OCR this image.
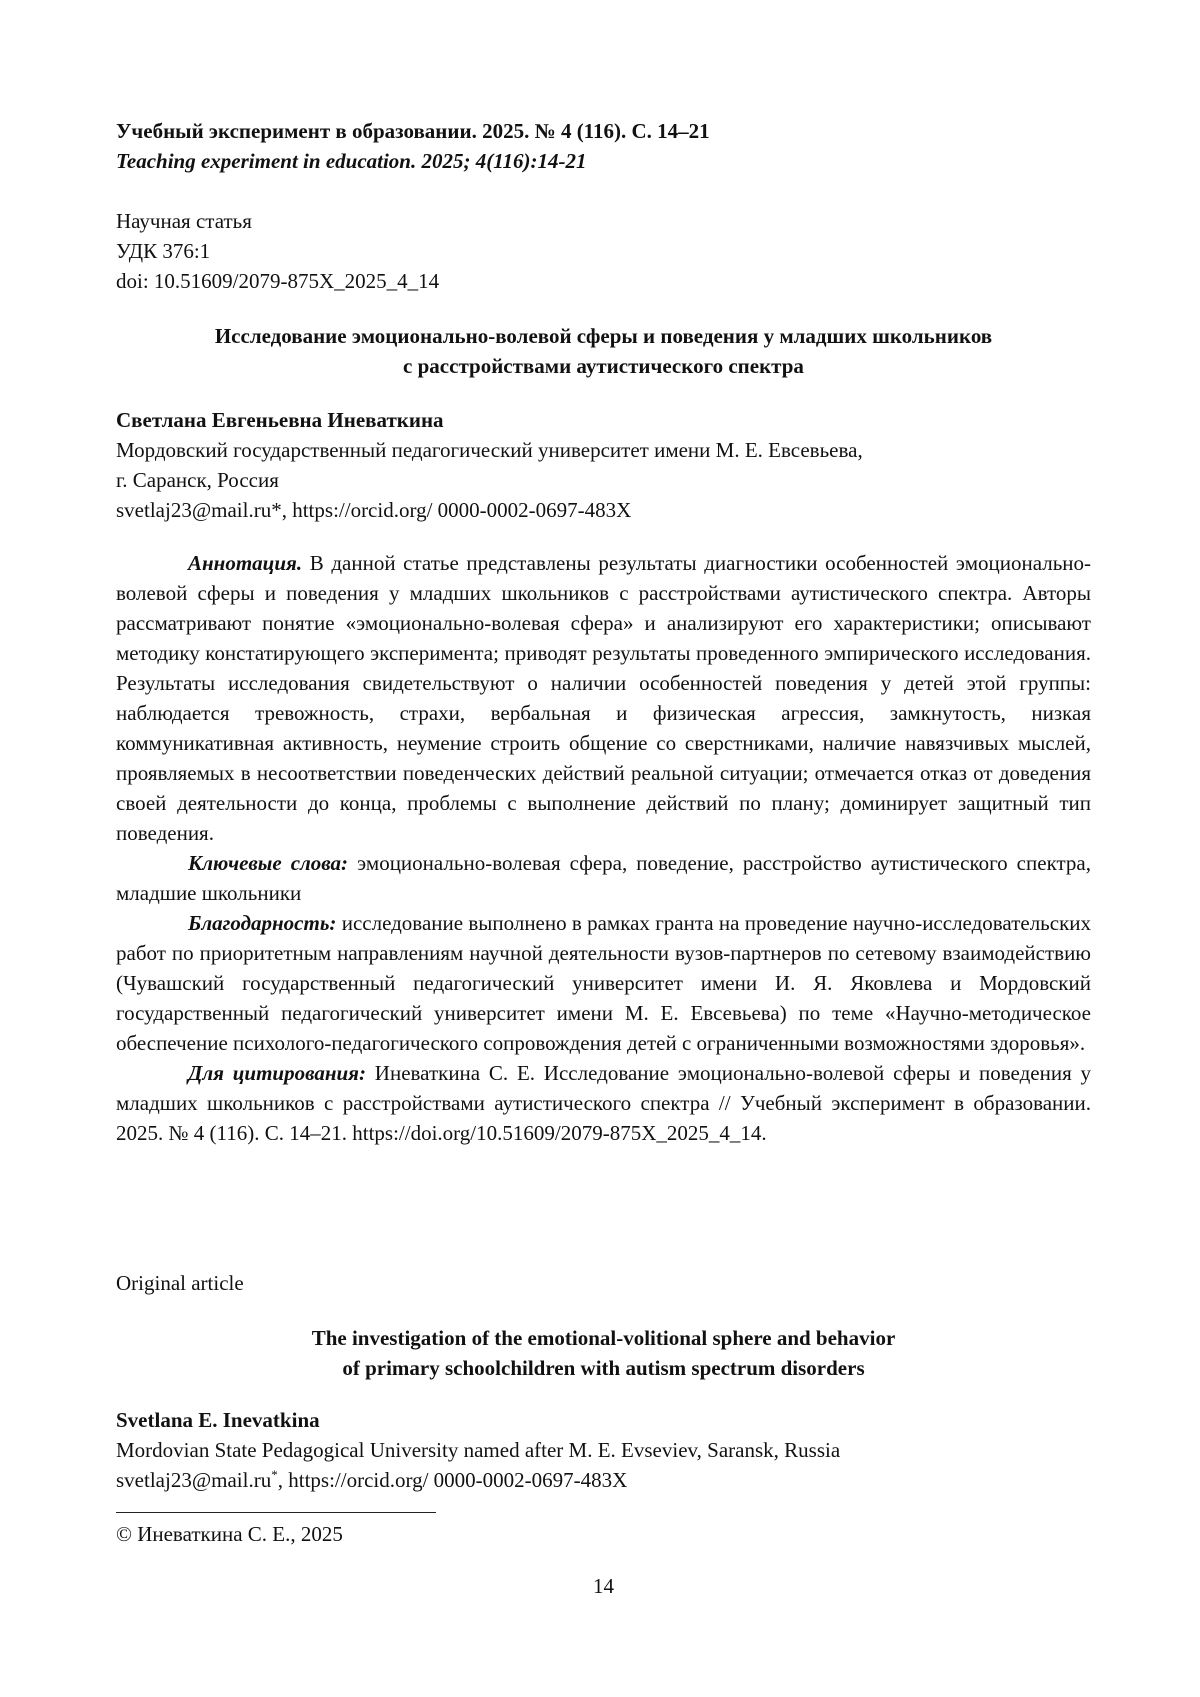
Учебный эксперимент в образовании. 2025. № 4 (116). С. 14–21
Teaching experiment in education. 2025; 4(116):14-21
Научная статья
УДК 376:1
doi: 10.51609/2079-875X_2025_4_14
Исследование эмоционально-волевой сферы и поведения у младших школьников
с расстройствами аутистического спектра
Светлана Евгеньевна Иневаткина
Мордовский государственный педагогический университет имени М. Е. Евсевьева,
г. Саранск, Россия
svetlaj23@mail.ru*, https://orcid.org/ 0000-0002-0697-483X

Аннотация. В данной статье представлены результаты диагностики особенностей эмоционально-волевой сферы и поведения у младших школьников с расстройствами аутистического спектра. Авторы рассматривают понятие «эмоционально-волевая сфера» и анализируют его характеристики; описывают методику констатирующего эксперимента; приводят результаты проведенного эмпирического исследования. Результаты исследования свидетельствуют о наличии особенностей поведения у детей этой группы: наблюдается тревожность, страхи, вербальная и физическая агрессия, замкнутость, низкая коммуникативная активность, неумение строить общение со сверстниками, наличие навязчивых мыслей, проявляемых в несоответствии поведенческих действий реальной ситуации; отмечается отказ от доведения своей деятельности до конца, проблемы с выполнение действий по плану; доминирует защитный тип поведения.

Ключевые слова: эмоционально-волевая сфера, поведение, расстройство аутистического спектра, младшие школьники

Благодарность: исследование выполнено в рамках гранта на проведение научно-исследовательских работ по приоритетным направлениям научной деятельности вузов-партнеров по сетевому взаимодействию (Чувашский государственный педагогический университет имени И. Я. Яковлева и Мордовский государственный педагогический университет имени М. Е. Евсевьева) по теме «Научно-методическое обеспечение психолого-педагогического сопровождения детей с ограниченными возможностями здоровья».

Для цитирования: Иневаткина С. Е. Исследование эмоционально-волевой сферы и поведения у младших школьников с расстройствами аутистического спектра // Учебный эксперимент в образовании. 2025. № 4 (116). С. 14–21. https://doi.org/10.51609/2079-875X_2025_4_14.

Original article
The investigation of the emotional-volitional sphere and behavior
of primary schoolchildren with autism spectrum disorders
Svetlana E. Inevatkina
Mordovian State Pedagogical University named after M. E. Evseviev, Saransk, Russia
svetlaj23@mail.ru*, https://orcid.org/ 0000-0002-0697-483X
© Иневаткина С. Е., 2025
14
